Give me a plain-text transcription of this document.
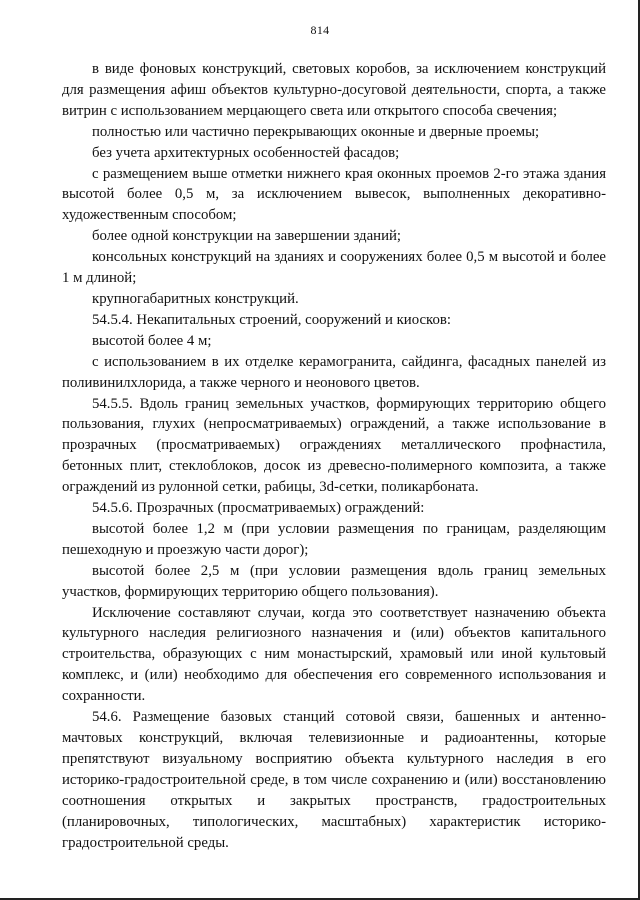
814

в виде фоновых конструкций, световых коробов, за исключением конструкций для размещения афиш объектов культурно-досуговой деятельности, спорта, а также витрин с использованием мерцающего света или открытого способа свечения;

полностью или частично перекрывающих оконные и дверные проемы;

без учета архитектурных особенностей фасадов;

с размещением выше отметки нижнего края оконных проемов 2-го этажа здания высотой более 0,5 м, за исключением вывесок, выполненных декоративно-художественным способом;

более одной конструкции на завершении зданий;

консольных конструкций на зданиях и сооружениях более 0,5 м высотой и более 1 м длиной;

крупногабаритных конструкций.

54.5.4. Некапитальных строений, сооружений и киосков:

высотой более 4 м;

с использованием в их отделке керамогранита, сайдинга, фасадных панелей из поливинилхлорида, а также черного и неонового цветов.

54.5.5. Вдоль границ земельных участков, формирующих территорию общего пользования, глухих (непросматриваемых) ограждений, а также использование в прозрачных (просматриваемых) ограждениях металлического профнастила, бетонных плит, стеклоблоков, досок из древесно-полимерного композита, а также ограждений из рулонной сетки, рабицы, 3d-сетки, поликарбоната.

54.5.6. Прозрачных (просматриваемых) ограждений:

высотой более 1,2 м (при условии размещения по границам, разделяющим пешеходную и проезжую части дорог);

высотой более 2,5 м (при условии размещения вдоль границ земельных участков, формирующих территорию общего пользования).

Исключение составляют случаи, когда это соответствует назначению объекта культурного наследия религиозного назначения и (или) объектов капитального строительства, образующих с ним монастырский, храмовый или иной культовый комплекс, и (или) необходимо для обеспечения его современного использования и сохранности.

54.6. Размещение базовых станций сотовой связи, башенных и антенно-мачтовых конструкций, включая телевизионные и радиоантенны, которые препятствуют визуальному восприятию объекта культурного наследия в его историко-градостроительной среде, в том числе сохранению и (или) восстановлению соотношения открытых и закрытых пространств, градостроительных (планировочных, типологических, масштабных) характеристик историко-градостроительной среды.
